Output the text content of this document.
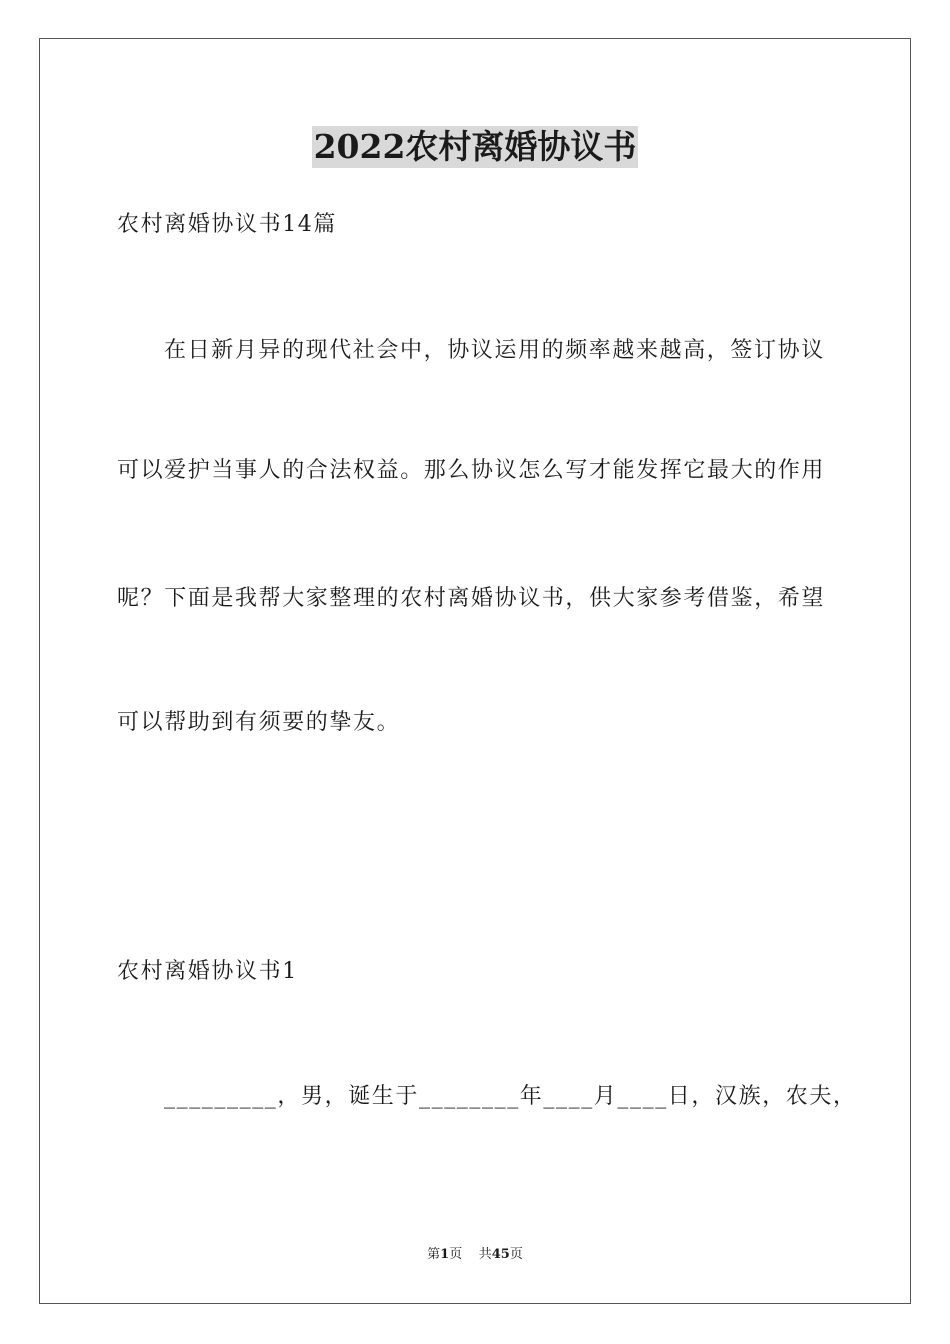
2022农村离婚协议书
农村离婚协议书14篇
在日新月异的现代社会中，协议运用的频率越来越高，签订协议
可以爱护当事人的合法权益。那么协议怎么写才能发挥它最大的作用
呢？下面是我帮大家整理的农村离婚协议书，供大家参考借鉴，希望
可以帮助到有须要的挚友。
农村离婚协议书1
_________，男，诞生于________年____月____日，汉族，农夫，
第1页 共45页
